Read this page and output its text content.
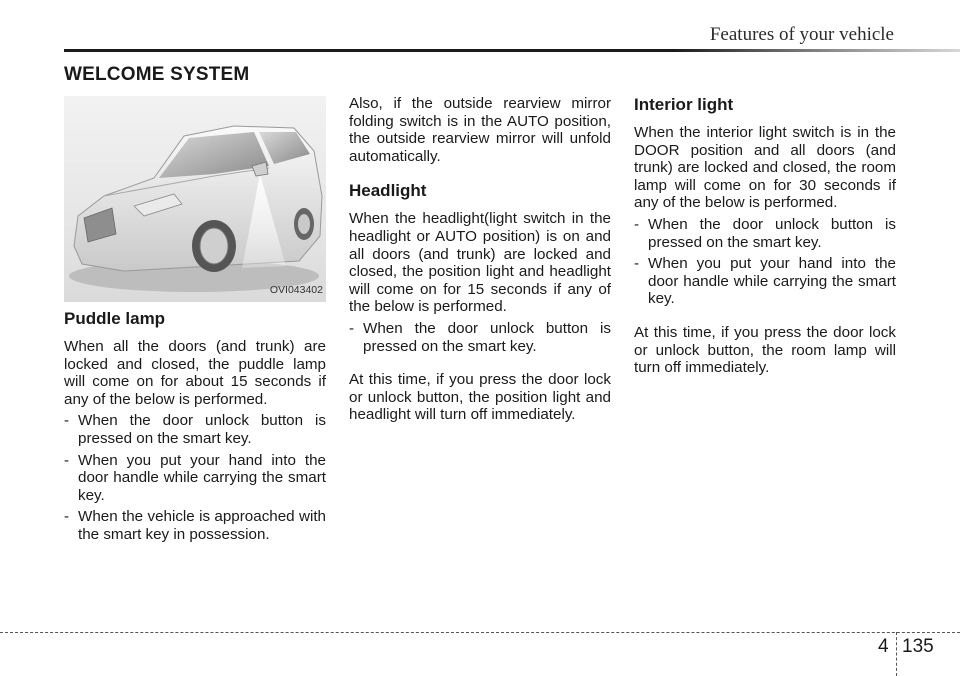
Features of your vehicle
WELCOME SYSTEM
OVI043402
Puddle lamp

When all the doors (and trunk) are locked and closed, the puddle lamp will come on for about 15 seconds if any of the below is performed.

- When the door unlock button is pressed on the smart key.
- When you put your hand into the door handle while carrying the smart key.
- When the vehicle is approached with the smart key in possession.

Also, if the outside rearview mirror folding switch is in the AUTO position, the outside rearview mirror will unfold automatically.

Headlight

When the headlight(light switch in the headlight or AUTO position) is on and all doors (and trunk) are locked and closed, the position light and headlight will come on for 15 seconds if any of the below is performed.

- When the door unlock button is pressed on the smart key.

At this time, if you press the door lock or unlock button, the position light and headlight will turn off immediately.

Interior light

When the interior light switch is in the DOOR position and all doors (and trunk) are locked and closed, the room lamp will come on for 30 seconds if any of the below is performed.

- When the door unlock button is pressed on the smart key.
- When you put your hand into the door handle while carrying the smart key.

At this time, if you press the door lock or unlock button, the room lamp will turn off immediately.

4 135
